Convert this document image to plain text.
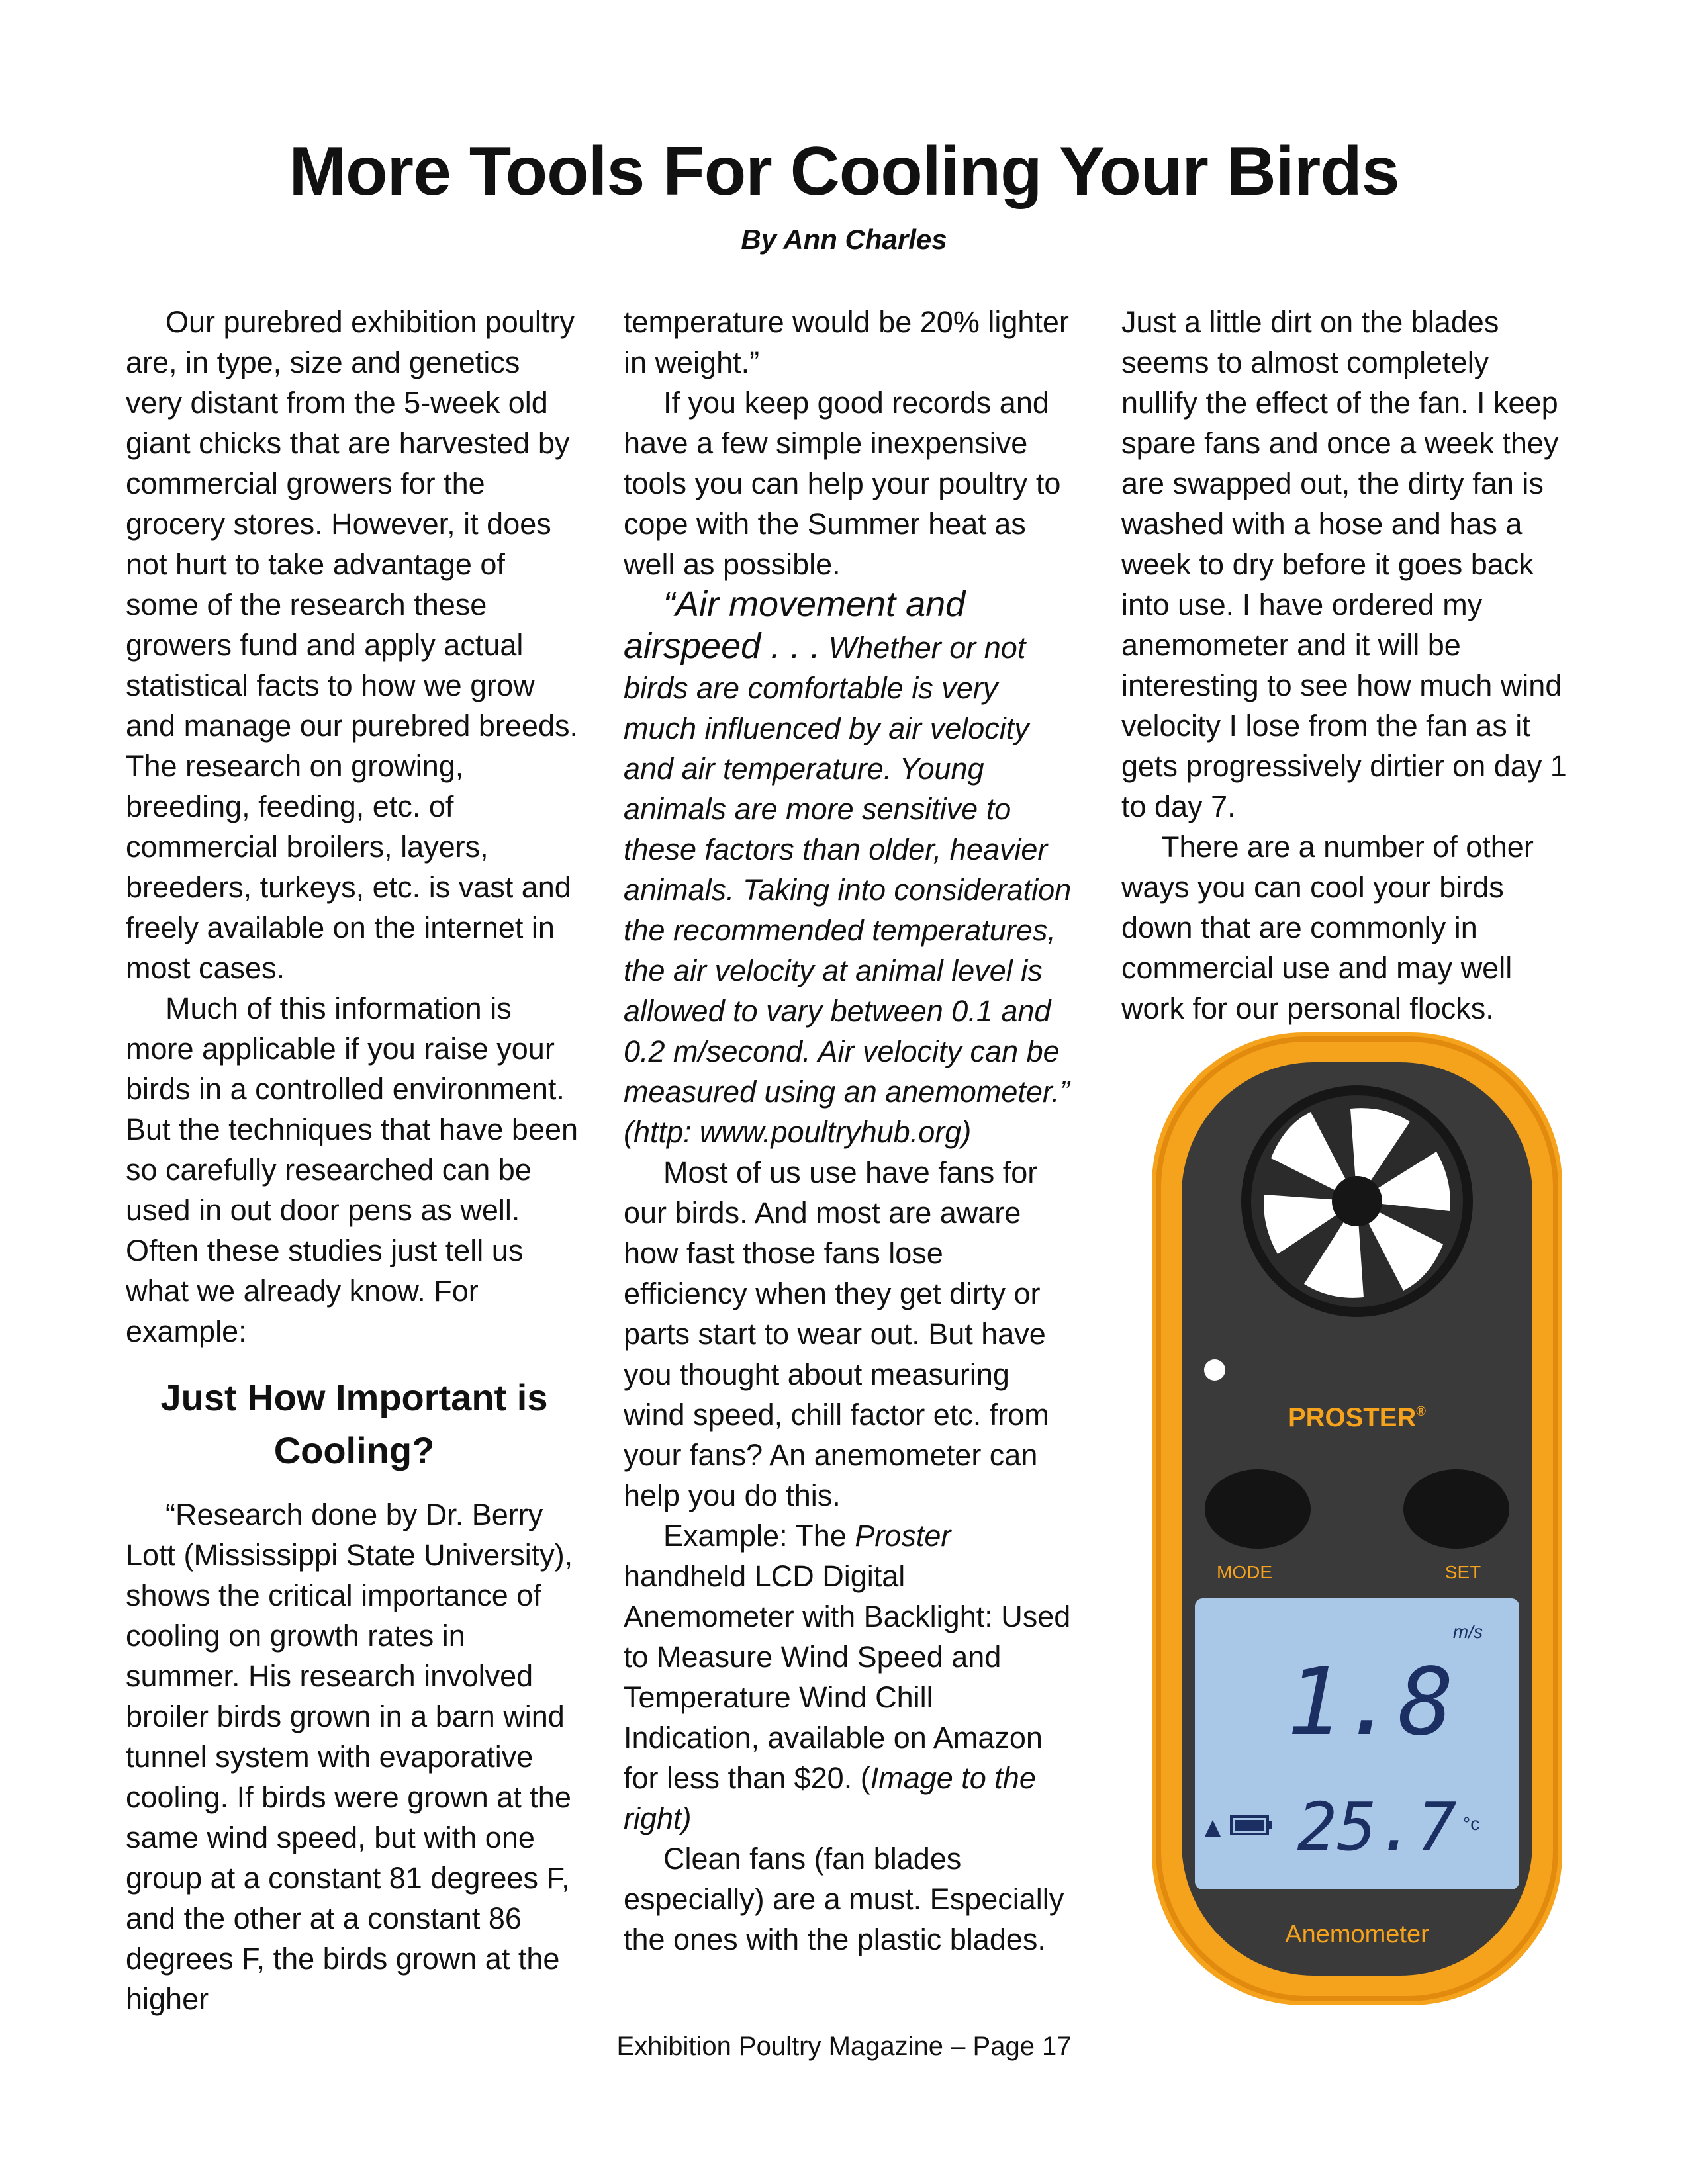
More Tools For Cooling Your Birds
By Ann Charles

Our purebred exhibition poultry are, in type, size and genetics very distant from the 5-week old giant chicks that are harvested by commercial growers for the grocery stores. However, it does not hurt to take advantage of some of the research these growers fund and apply actual statistical facts to how we grow and manage our purebred breeds. The research on growing, breeding, feeding, etc. of commercial broilers, layers, breeders, turkeys, etc. is vast and freely available on the internet in most cases.

Much of this information is more applicable if you raise your birds in a controlled environment. But the techniques that have been so carefully researched can be used in out door pens as well. Often these studies just tell us what we already know. For example:

Just How Important is Cooling?

“Research done by Dr. Berry Lott (Mississippi State University), shows the critical importance of cooling on growth rates in summer. His research involved broiler birds grown in a barn wind tunnel system with evaporative cooling. If birds were grown at the same wind speed, but with one group at a constant 81 degrees F, and the other at a constant 86 degrees F, the birds grown at the higher

temperature would be 20% lighter in weight.”

If you keep good records and have a few simple inexpensive tools you can help your poultry to cope with the Summer heat as well as possible.

“Air movement and airspeed . . . Whether or not birds are comfortable is very much influenced by air velocity and air temperature. Young animals are more sensitive to these factors than older, heavier animals. Taking into consideration the recommended temperatures, the air velocity at animal level is allowed to vary between 0.1 and 0.2 m/second. Air velocity can be measured using an anemometer.” (http: www.poultryhub.org)

Most of us use have fans for our birds. And most are aware how fast those fans lose efficiency when they get dirty or parts start to wear out. But have you thought about measuring wind speed, chill factor etc. from your fans? An anemometer can help you do this.

Example: The Proster handheld LCD Digital Anemometer with Backlight: Used to Measure Wind Speed and Temperature Wind Chill Indication, available on Amazon for less than $20. (Image to the right)

Clean fans (fan blades especially) are a must. Especially the ones with the plastic blades.

Just a little dirt on the blades seems to almost completely nullify the effect of the fan. I keep spare fans and once a week they are swapped out, the dirty fan is washed with a hose and has a week to dry before it goes back into use. I have ordered my anemometer and it will be interesting to see how much wind velocity I lose from the fan as it gets progressively dirtier on day 1 to day 7.

There are a number of other ways you can cool your birds down that are commonly in commercial use and may well work for our personal flocks.

PROSTER®
MODE	SET
m/s
1.8
25.7 °c
Anemometer
Exhibition Poultry Magazine – Page 17
